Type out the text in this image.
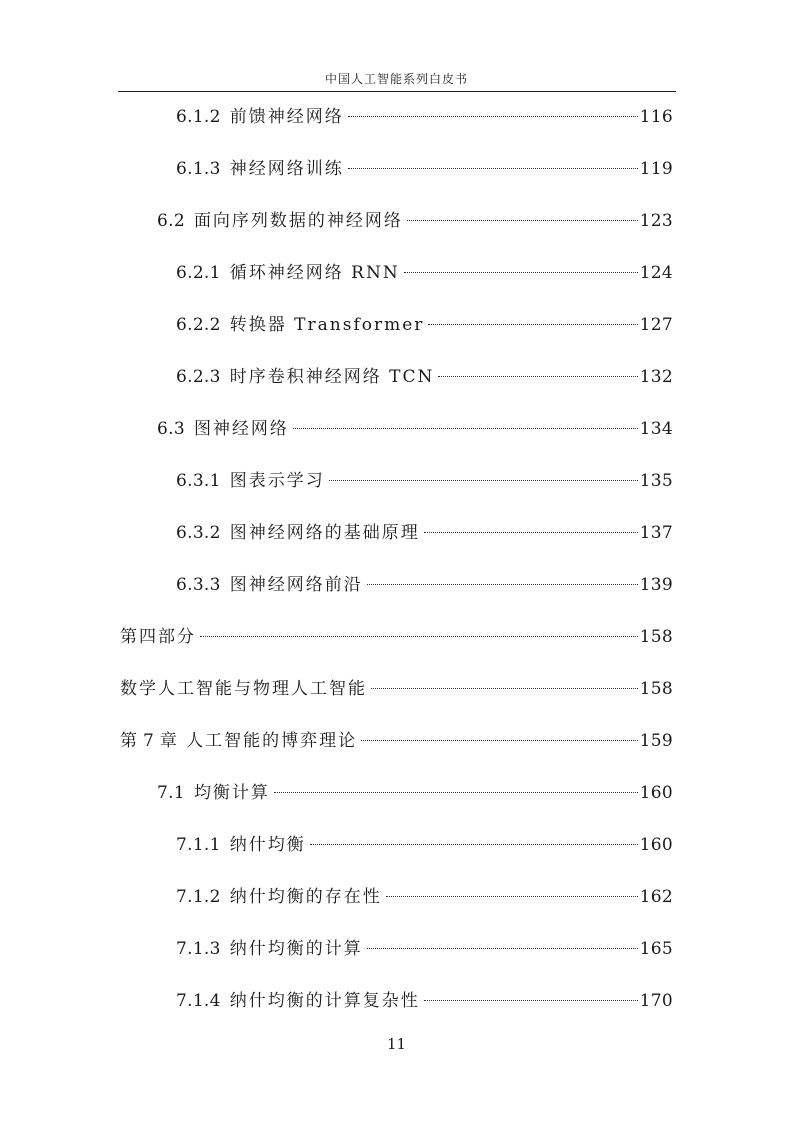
中国人工智能系列白皮书
6.1.2 前馈神经网络	116
6.1.3 神经网络训练	119
6.2 面向序列数据的神经网络	123
6.2.1 循环神经网络 RNN	124
6.2.2 转换器 Transformer	127
6.2.3 时序卷积神经网络 TCN	132
6.3 图神经网络	134
6.3.1 图表示学习	135
6.3.2 图神经网络的基础原理	137
6.3.3 图神经网络前沿	139
第四部分	158
数学人工智能与物理人工智能	158
第 7 章 人工智能的博弈理论	159
7.1 均衡计算	160
7.1.1 纳什均衡	160
7.1.2 纳什均衡的存在性	162
7.1.3 纳什均衡的计算	165
7.1.4 纳什均衡的计算复杂性	170
11
